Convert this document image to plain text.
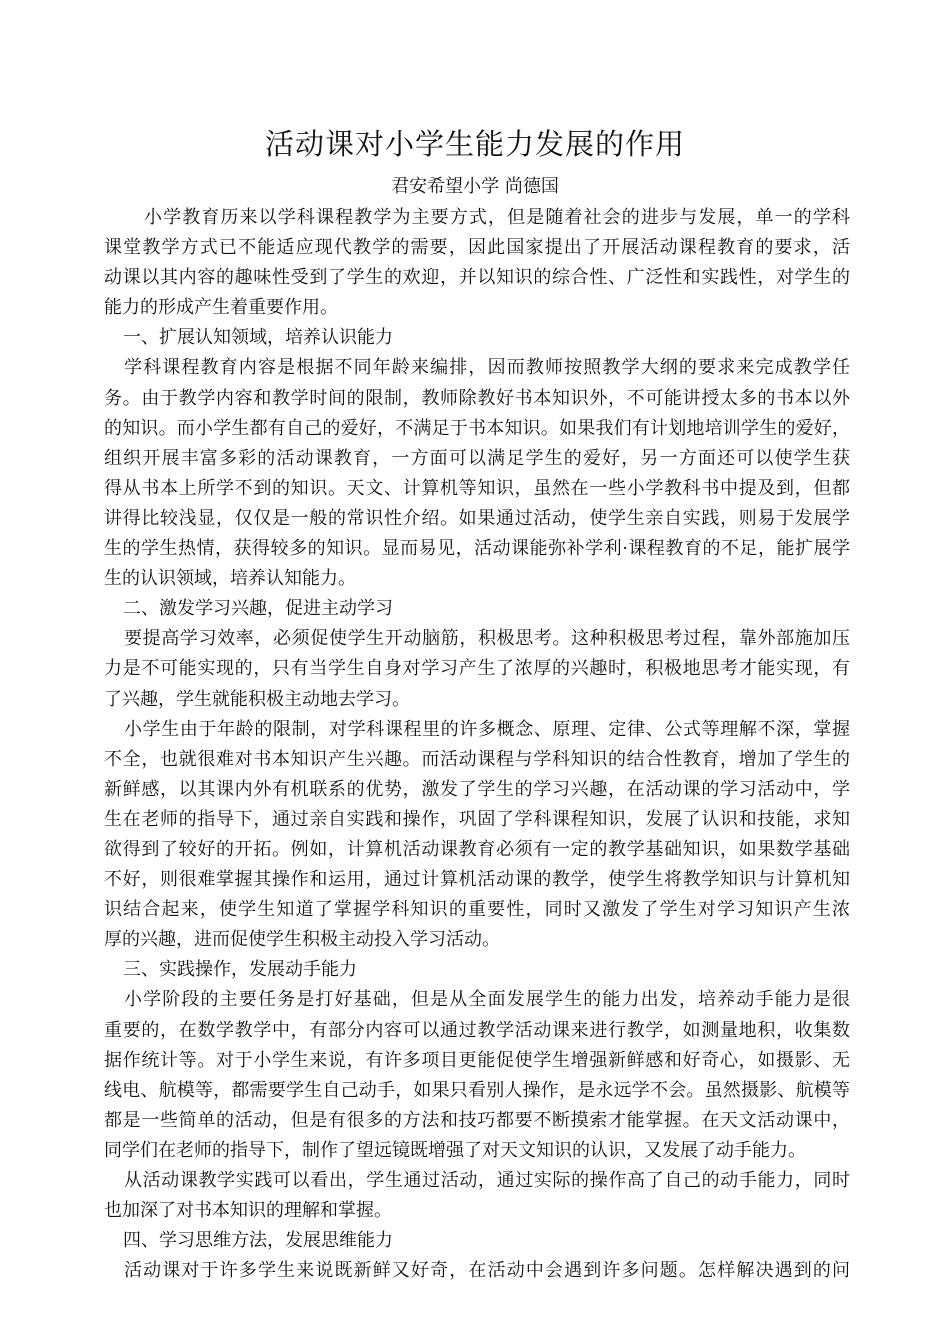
活动课对小学生能力发展的作用
君安希望小学 尚德国
小学教育历来以学科课程教学为主要方式，但是随着社会的进步与发展，单一的学科
课堂教学方式已不能适应现代教学的需要，因此国家提出了开展活动课程教育的要求，活
动课以其内容的趣味性受到了学生的欢迎，并以知识的综合性、广泛性和实践性，对学生的
能力的形成产生着重要作用。
一、扩展认知领域，培养认识能力
学科课程教育内容是根据不同年龄来编排，因而教师按照教学大纲的要求来完成教学任
务。由于教学内容和教学时间的限制，教师除教好书本知识外，不可能讲授太多的书本以外
的知识。而小学生都有自己的爱好，不满足于书本知识。如果我们有计划地培训学生的爱好，
组织开展丰富多彩的活动课教育，一方面可以满足学生的爱好，另一方面还可以使学生获
得从书本上所学不到的知识。天文、计算机等知识，虽然在一些小学教科书中提及到，但都
讲得比较浅显，仅仅是一般的常识性介绍。如果通过活动，使学生亲自实践，则易于发展学
生的学生热情，获得较多的知识。显而易见，活动课能弥补学利·课程教育的不足，能扩展学
生的认识领域，培养认知能力。
二、激发学习兴趣，促进主动学习
要提高学习效率，必须促使学生开动脑筋，积极思考。这种积极思考过程，靠外部施加压
力是不可能实现的，只有当学生自身对学习产生了浓厚的兴趣时，积极地思考才能实现，有
了兴趣，学生就能积极主动地去学习。
小学生由于年龄的限制，对学科课程里的许多概念、原理、定律、公式等理解不深，掌握
不全，也就很难对书本知识产生兴趣。而活动课程与学科知识的结合性教育，增加了学生的
新鲜感，以其课内外有机联系的优势，激发了学生的学习兴趣，在活动课的学习活动中，学
生在老师的指导下，通过亲自实践和操作，巩固了学科课程知识，发展了认识和技能，求知
欲得到了较好的开拓。例如，计算机活动课教育必须有一定的教学基础知识，如果数学基础
不好，则很难掌握其操作和运用，通过计算机活动课的教学，使学生将教学知识与计算机知
识结合起来，使学生知道了掌握学科知识的重要性，同时又激发了学生对学习知识产生浓
厚的兴趣，进而促使学生积极主动投入学习活动。
三、实践操作，发展动手能力
小学阶段的主要任务是打好基础，但是从全面发展学生的能力出发，培养动手能力是很
重要的，在数学教学中，有部分内容可以通过教学活动课来进行教学，如测量地积，收集数
据作统计等。对于小学生来说，有许多项目更能促使学生增强新鲜感和好奇心，如摄影、无
线电、航模等，都需要学生自己动手，如果只看别人操作，是永远学不会。虽然摄影、航模等
都是一些简单的活动，但是有很多的方法和技巧都要不断摸索才能掌握。在天文活动课中，
同学们在老师的指导下，制作了望远镜既增强了对天文知识的认识，又发展了动手能力。
从活动课教学实践可以看出，学生通过活动，通过实际的操作高了自己的动手能力，同时
也加深了对书本知识的理解和掌握。
四、学习思维方法，发展思维能力
活动课对于许多学生来说既新鲜又好奇，在活动中会遇到许多问题。怎样解决遇到的问
